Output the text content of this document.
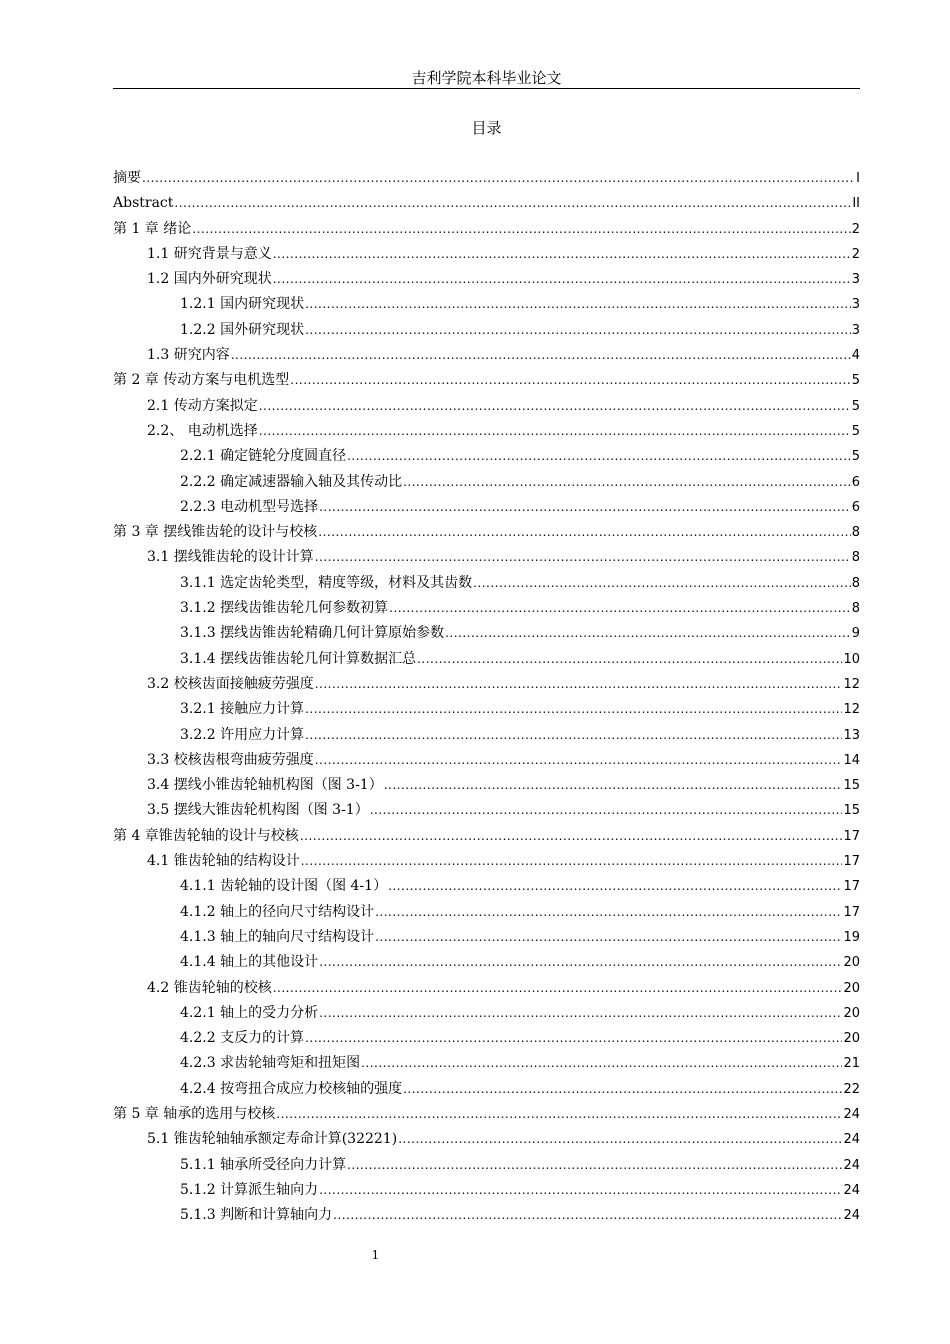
吉利学院本科毕业论文
目录
摘要 .....	I
Abstract .....	II
第 1 章 绪论 .....	2
1.1 研究背景与意义 .....	2
1.2 国内外研究现状 .....	3
1.2.1 国内研究现状 .....	3
1.2.2 国外研究现状 .....	3
1.3 研究内容 .....	4
第 2 章 传动方案与电机选型 .....	5
2.1 传动方案拟定 .....	5
2.2、 电动机选择 .....	5
2.2.1 确定链轮分度圆直径 .....	5
2.2.2 确定减速器输入轴及其传动比 .....	6
2.2.3 电动机型号选择 .....	6
第 3 章 摆线锥齿轮的设计与校核 .....	8
3.1 摆线锥齿轮的设计计算 .....	8
3.1.1 选定齿轮类型，精度等级，材料及其齿数 .....	8
3.1.2 摆线齿锥齿轮几何参数初算 .....	8
3.1.3 摆线齿锥齿轮精确几何计算原始参数 .....	9
3.1.4 摆线齿锥齿轮几何计算数据汇总 .....	10
3.2 校核齿面接触疲劳强度 .....	12
3.2.1 接触应力计算 .....	12
3.2.2 许用应力计算 .....	13
3.3 校核齿根弯曲疲劳强度 .....	14
3.4 摆线小锥齿轮轴机构图（图 3-1） .....	15
3.5 摆线大锥齿轮机构图（图 3-1） .....	15
第 4 章锥齿轮轴的设计与校核 .....	17
4.1 锥齿轮轴的结构设计 .....	17
4.1.1 齿轮轴的设计图（图 4-1） .....	17
4.1.2 轴上的径向尺寸结构设计 .....	17
4.1.3 轴上的轴向尺寸结构设计 .....	19
4.1.4 轴上的其他设计 .....	20
4.2 锥齿轮轴的校核 .....	20
4.2.1 轴上的受力分析 .....	20
4.2.2 支反力的计算 .....	20
4.2.3 求齿轮轴弯矩和扭矩图 .....	21
4.2.4 按弯扭合成应力校核轴的强度 .....	22
第 5 章 轴承的选用与校核 .....	24
5.1 锥齿轮轴轴承额定寿命计算(32221) .....	24
5.1.1 轴承所受径向力计算 .....	24
5.1.2 计算派生轴向力 .....	24
5.1.3 判断和计算轴向力 .....	24
1
